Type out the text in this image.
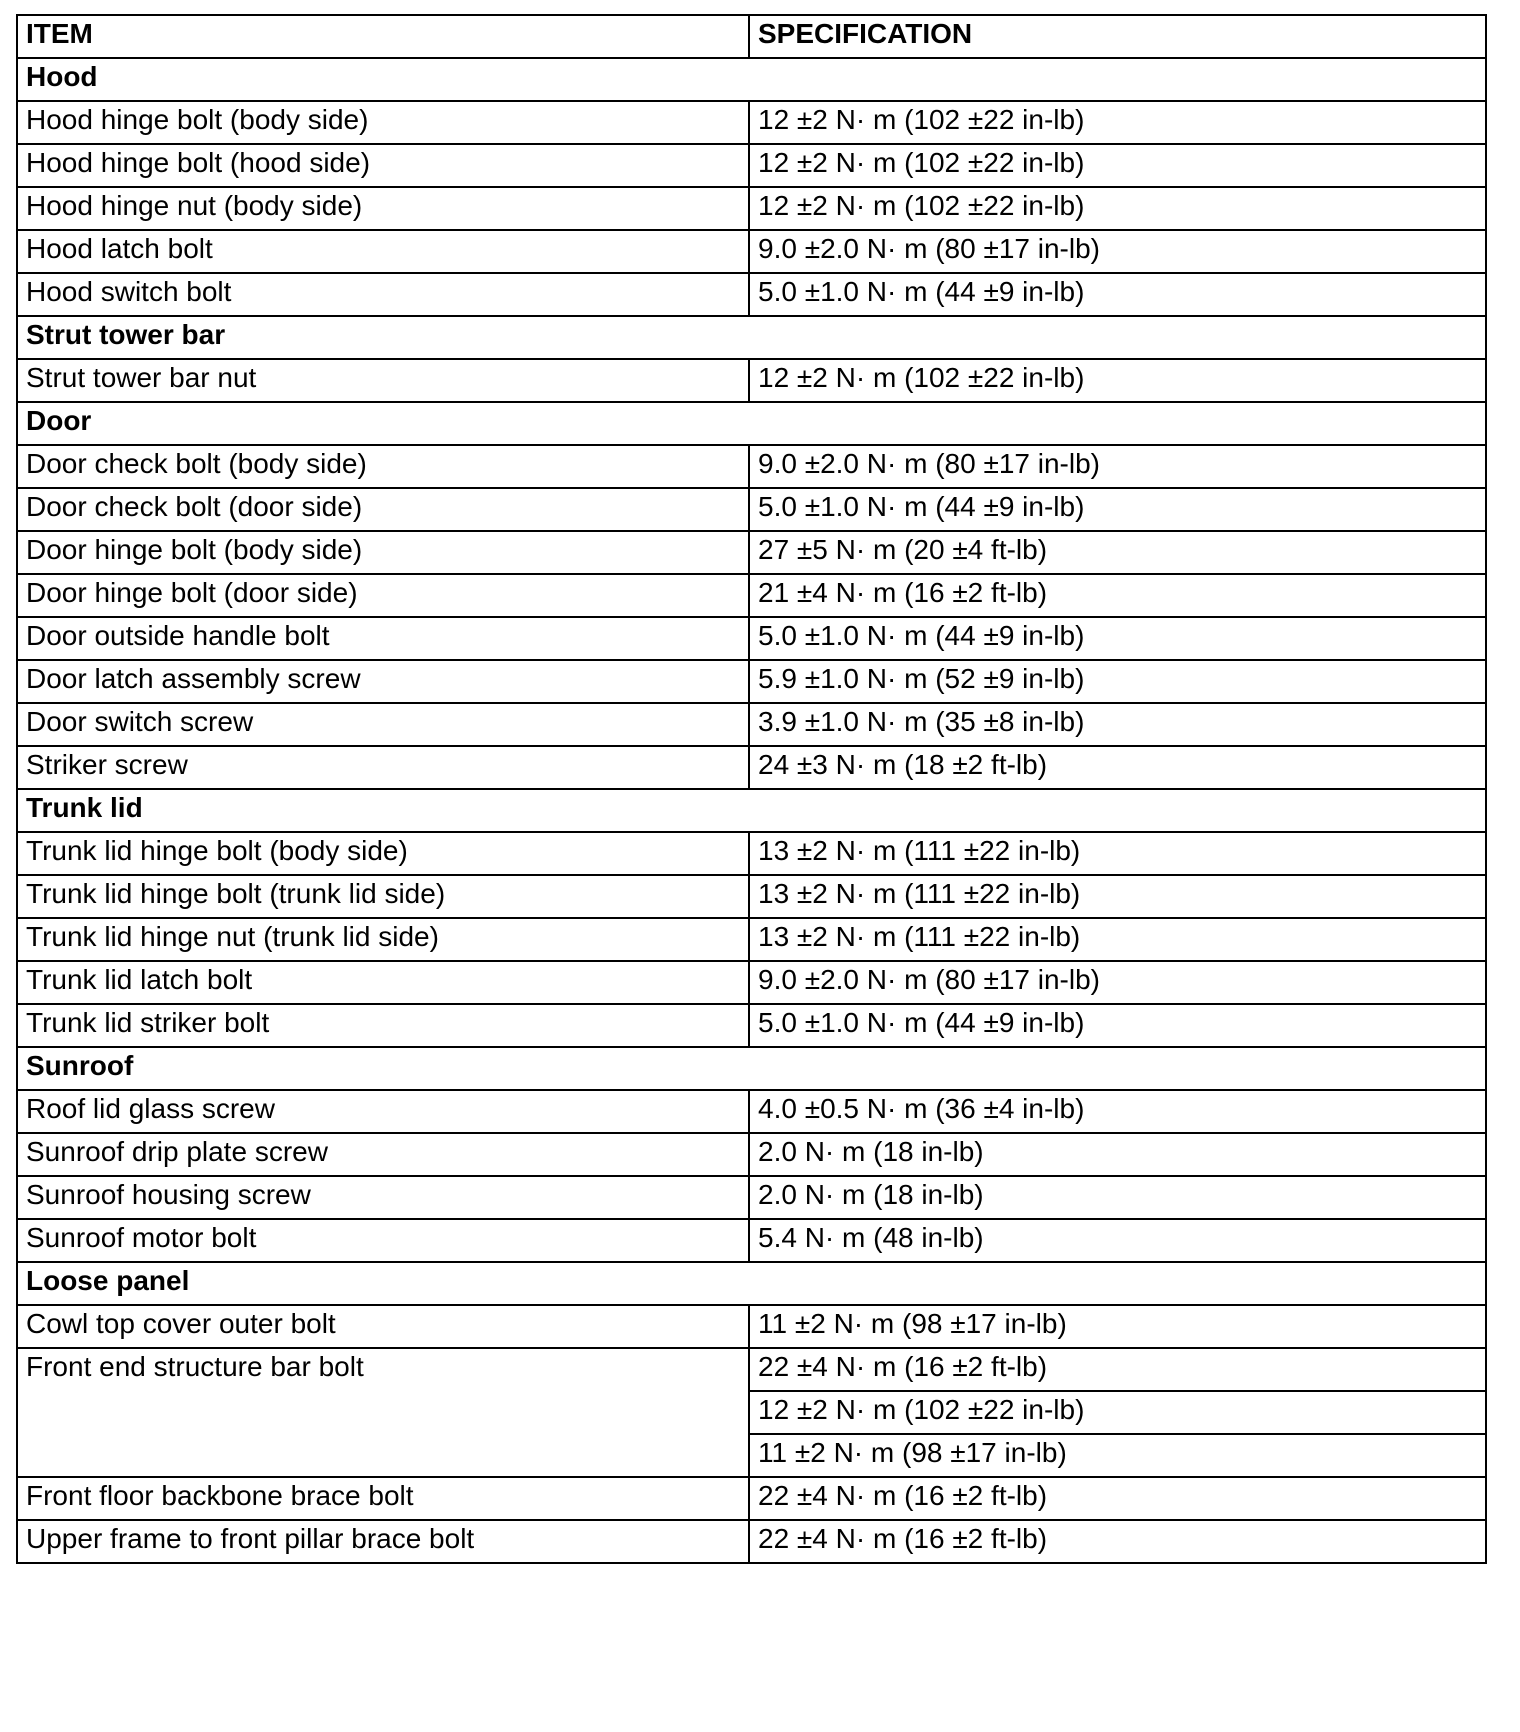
ITEM	SPECIFICATION
Hood	
Hood hinge bolt (body side)	12 ±2 N· m (102 ±22 in-lb)
Hood hinge bolt (hood side)	12 ±2 N· m (102 ±22 in-lb)
Hood hinge nut (body side)	12 ±2 N· m (102 ±22 in-lb)
Hood latch bolt	9.0 ±2.0 N· m (80 ±17 in-lb)
Hood switch bolt	5.0 ±1.0 N· m (44 ±9 in-lb)
Strut tower bar	
Strut tower bar nut	12 ±2 N· m (102 ±22 in-lb)
Door	
Door check bolt (body side)	9.0 ±2.0 N· m (80 ±17 in-lb)
Door check bolt (door side)	5.0 ±1.0 N· m (44 ±9 in-lb)
Door hinge bolt (body side)	27 ±5 N· m (20 ±4 ft-lb)
Door hinge bolt (door side)	21 ±4 N· m (16 ±2 ft-lb)
Door outside handle bolt	5.0 ±1.0 N· m (44 ±9 in-lb)
Door latch assembly screw	5.9 ±1.0 N· m (52 ±9 in-lb)
Door switch screw	3.9 ±1.0 N· m (35 ±8 in-lb)
Striker screw	24 ±3 N· m (18 ±2 ft-lb)
Trunk lid	
Trunk lid hinge bolt (body side)	13 ±2 N· m (111 ±22 in-lb)
Trunk lid hinge bolt (trunk lid side)	13 ±2 N· m (111 ±22 in-lb)
Trunk lid hinge nut (trunk lid side)	13 ±2 N· m (111 ±22 in-lb)
Trunk lid latch bolt	9.0 ±2.0 N· m (80 ±17 in-lb)
Trunk lid striker bolt	5.0 ±1.0 N· m (44 ±9 in-lb)
Sunroof	
Roof lid glass screw	4.0 ±0.5 N· m (36 ±4 in-lb)
Sunroof drip plate screw	2.0 N· m (18 in-lb)
Sunroof housing screw	2.0 N· m (18 in-lb)
Sunroof motor bolt	5.4 N· m (48 in-lb)
Loose panel	
Cowl top cover outer bolt	11 ±2 N· m (98 ±17 in-lb)
Front end structure bar bolt	22 ±4 N· m (16 ±2 ft-lb)
	12 ±2 N· m (102 ±22 in-lb)
	11 ±2 N· m (98 ±17 in-lb)
Front floor backbone brace bolt	22 ±4 N· m (16 ±2 ft-lb)
Upper frame to front pillar brace bolt	22 ±4 N· m (16 ±2 ft-lb)
